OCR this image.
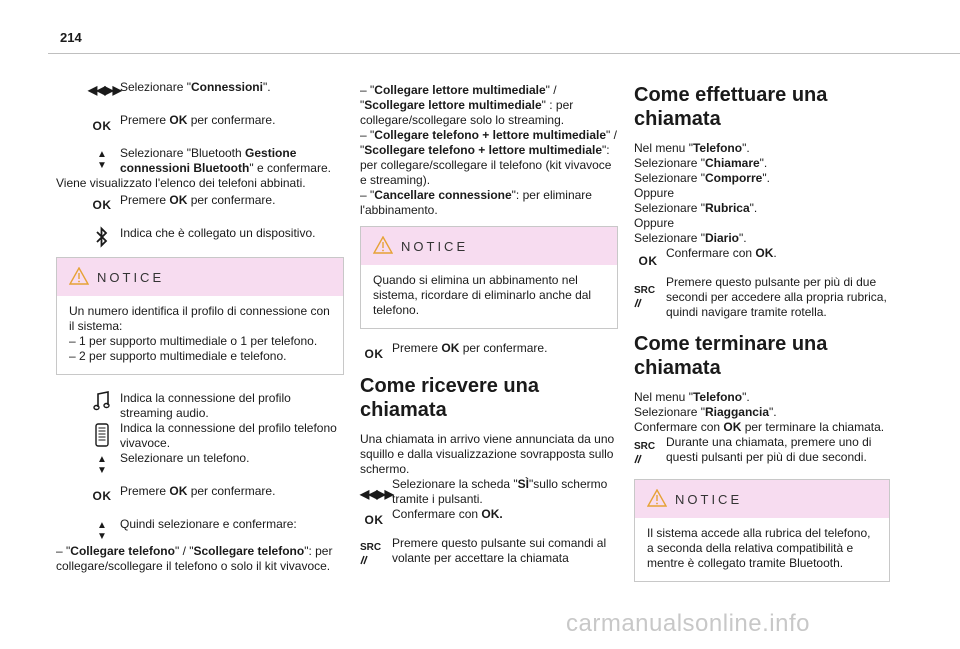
214
◀◀▶▶ Selezionare "Connessioni".
OK Premere OK per confermare.
▲
▼
Selezionare "Bluetooth Gestione connessioni Bluetooth" e confermare.
Viene visualizzato l'elenco dei telefoni abbinati.
OK Premere OK per confermare.
Indica che è collegato un dispositivo.
NOTICE
Un numero identifica il profilo di connessione con il sistema:
– 1 per supporto multimediale o 1 per telefono.
– 2 per supporto multimediale e telefono.
Indica la connessione del profilo streaming audio.
Indica la connessione del profilo telefono vivavoce.
▲
▼
Selezionare un telefono.
OK Premere OK per confermare.
▲
▼
Quindi selezionare e confermare:
– "Collegare telefono" / "Scollegare telefono": per collegare/scollegare il telefono o solo il kit vivavoce.
– "Collegare lettore multimediale" / "Scollegare lettore multimediale" : per collegare/scollegare solo lo streaming.
– "Collegare telefono + lettore multimediale" / "Scollegare telefono + lettore multimediale": per collegare/scollegare il telefono (kit vivavoce e streaming).
– "Cancellare connessione": per eliminare l'abbinamento.
NOTICE
Quando si elimina un abbinamento nel sistema, ricordare di eliminarlo anche dal telefono.
OK Premere OK per confermare.
Come ricevere una chiamata
Una chiamata in arrivo viene annunciata da uno squillo e dalla visualizzazione sovrapposta sullo schermo.
◀◀▶▶
Selezionare la scheda "SÌ"sullo schermo tramite i pulsanti.
OK Confermare con OK.
SRC Premere questo pulsante sui comandi al volante per accettare la chiamata
Come effettuare una chiamata
Nel menu "Telefono".
Selezionare "Chiamare".
Selezionare "Comporre".
Oppure
Selezionare "Rubrica".
Oppure
Selezionare "Diario".
OK
Confermare con OK.
SRC
Premere questo pulsante per più di due secondi per accedere alla propria rubrica, quindi navigare tramite rotella.
Come terminare una chiamata
Nel menu "Telefono".
Selezionare "Riaggancia".
Confermare con OK per terminare la chiamata.
SRC Durante una chiamata, premere uno di questi pulsanti per più di due secondi.
NOTICE
Il sistema accede alla rubrica del telefono, a seconda della relativa compatibilità e mentre è collegato tramite Bluetooth.
carmanualsonline.info
